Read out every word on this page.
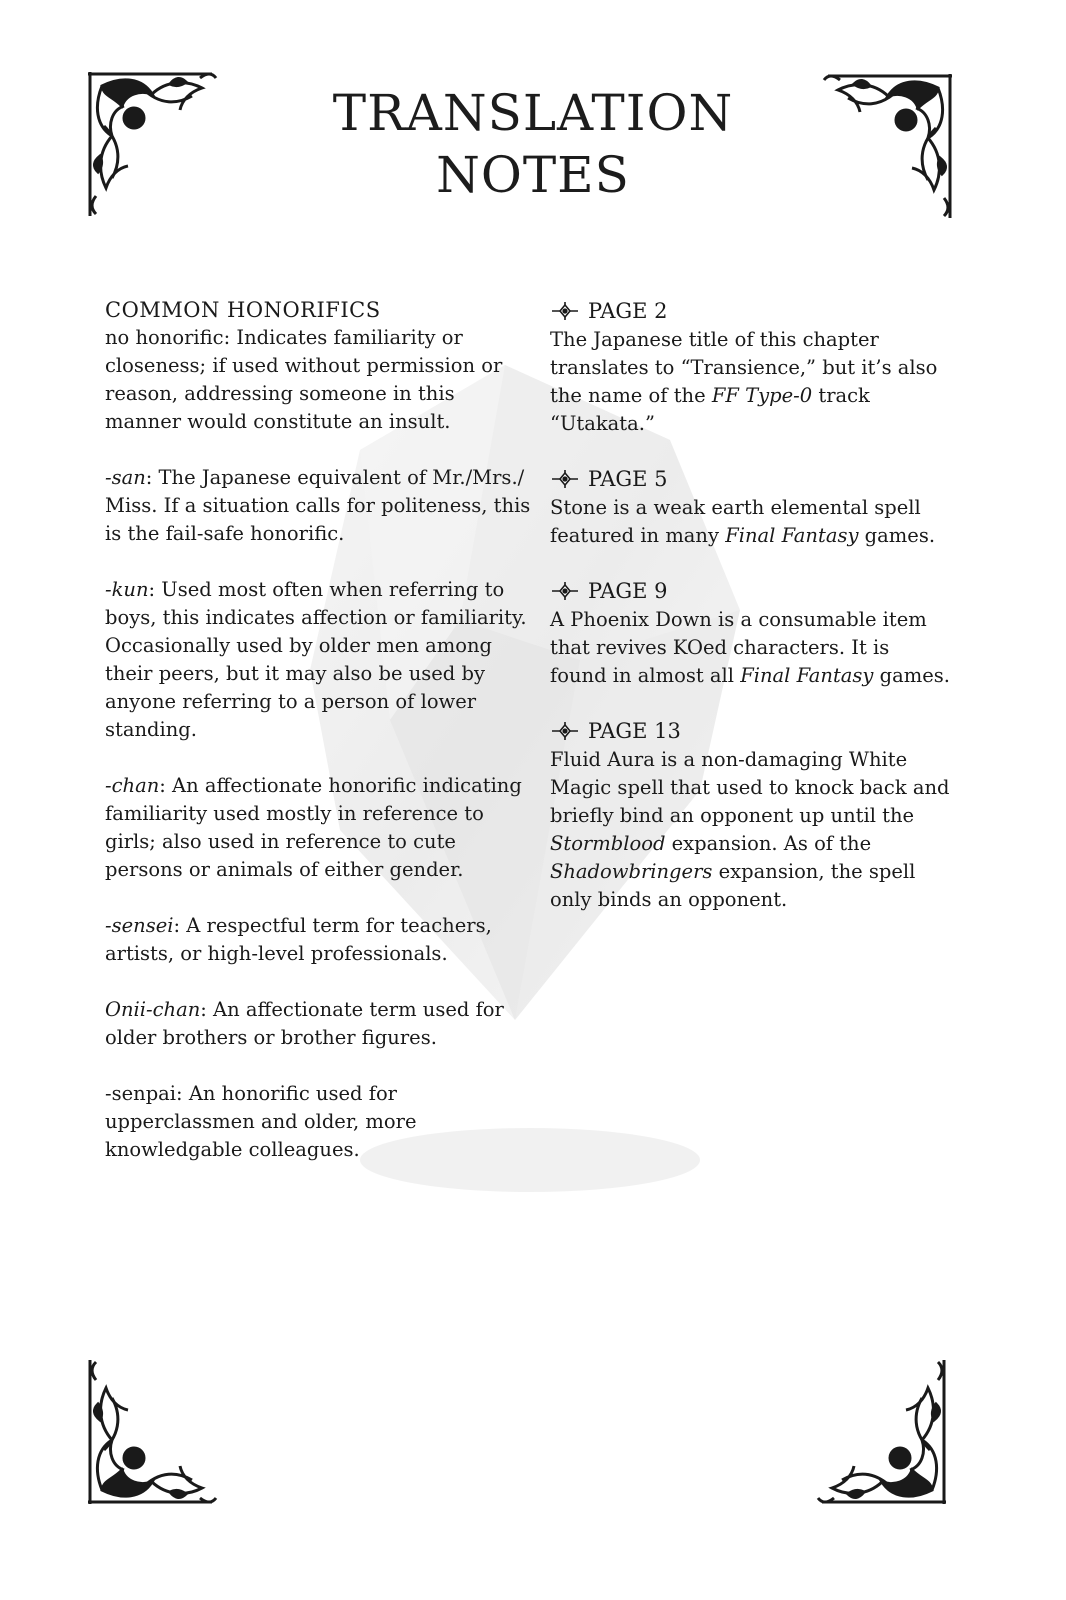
TRANSLATION
NOTES

COMMON HONORIFICS

no honorific: Indicates familiarity or closeness; if used without permission or reason, addressing someone in this manner would constitute an insult.

-san: The Japanese equivalent of Mr./Mrs./ Miss. If a situation calls for politeness, this is the fail-safe honorific.

-kun: Used most often when referring to boys, this indicates affection or familiarity. Occasionally used by older men among their peers, but it may also be used by anyone referring to a person of lower standing.

-chan: An affectionate honorific indicating familiarity used mostly in reference to girls; also used in reference to cute persons or animals of either gender.

-sensei: A respectful term for teachers, artists, or high-level professionals.

Onii-chan: An affectionate term used for older brothers or brother figures.

-senpai: An honorific used for upperclassmen and older, more knowledgable colleagues.

PAGE 2

The Japanese title of this chapter translates to “Transience,” but it’s also the name of the FF Type-0 track “Utakata.”

PAGE 5

Stone is a weak earth elemental spell featured in many Final Fantasy games.

PAGE 9

A Phoenix Down is a consumable item that revives KOed characters. It is found in almost all Final Fantasy games.

PAGE 13

Fluid Aura is a non-damaging White Magic spell that used to knock back and briefly bind an opponent up until the Stormblood expansion. As of the Shadowbringers expansion, the spell only binds an opponent.
